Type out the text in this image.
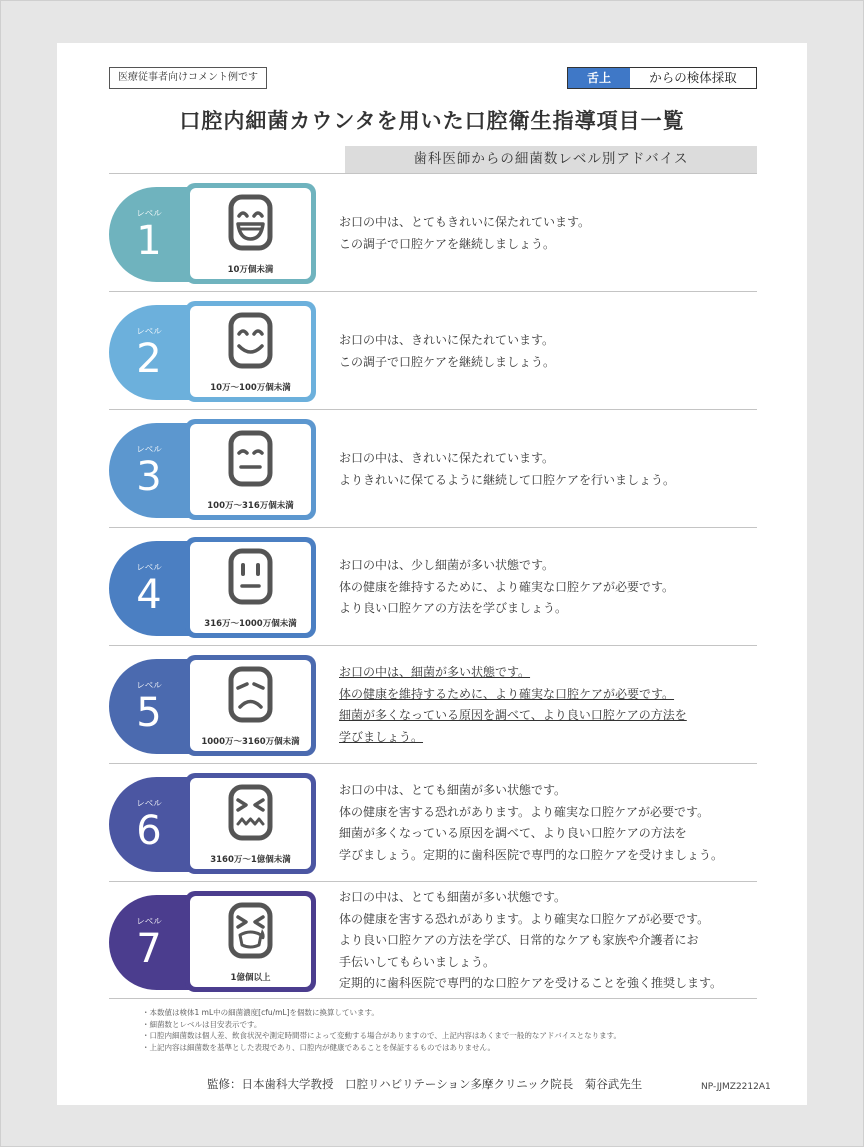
医療従事者向けコメント例です	舌上	からの検体採取
口腔内細菌カウンタを用いた口腔衛生指導項目一覧
歯科医師からの細菌数レベル別アドバイス
レベル
1
10万個未満
お口の中は、とてもきれいに保たれています。
この調子で口腔ケアを継続しましょう。
レベル
2
10万～100万個未満
お口の中は、きれいに保たれています。
この調子で口腔ケアを継続しましょう。
レベル
3
100万～316万個未満
お口の中は、きれいに保たれています。
よりきれいに保てるように継続して口腔ケアを行いましょう。
レベル
4
316万～1000万個未満
お口の中は、少し細菌が多い状態です。
体の健康を維持するために、より確実な口腔ケアが必要です。
より良い口腔ケアの方法を学びましょう。
レベル
5
1000万～3160万個未満
お口の中は、細菌が多い状態です。
体の健康を維持するために、より確実な口腔ケアが必要です。
細菌が多くなっている原因を調べて、より良い口腔ケアの方法を
学びましょう。
レベル
6
3160万～1億個未満
お口の中は、とても細菌が多い状態です。
体の健康を害する恐れがあります。より確実な口腔ケアが必要です。
細菌が多くなっている原因を調べて、より良い口腔ケアの方法を
学びましょう。定期的に歯科医院で専門的な口腔ケアを受けましょう。
レベル
7
1億個以上
お口の中は、とても細菌が多い状態です。
体の健康を害する恐れがあります。より確実な口腔ケアが必要です。
より良い口腔ケアの方法を学び、日常的なケアも家族や介護者にお
手伝いしてもらいましょう。
定期的に歯科医院で専門的な口腔ケアを受けることを強く推奨します。
・本数値は検体1 mL中の細菌濃度[cfu/mL]を個数に換算しています。
・細菌数とレベルは目安表示です。
・口腔内細菌数は個人差、飲食状況や測定時間帯によって変動する場合がありますので、上記内容はあくまで一般的なアドバイスとなります。
・上記内容は細菌数を基準とした表現であり、口腔内が健康であることを保証するものではありません。
監修：日本歯科大学教授　口腔リハビリテーション多摩クリニック院長　菊谷武先生	NP-JJMZ2212A1
